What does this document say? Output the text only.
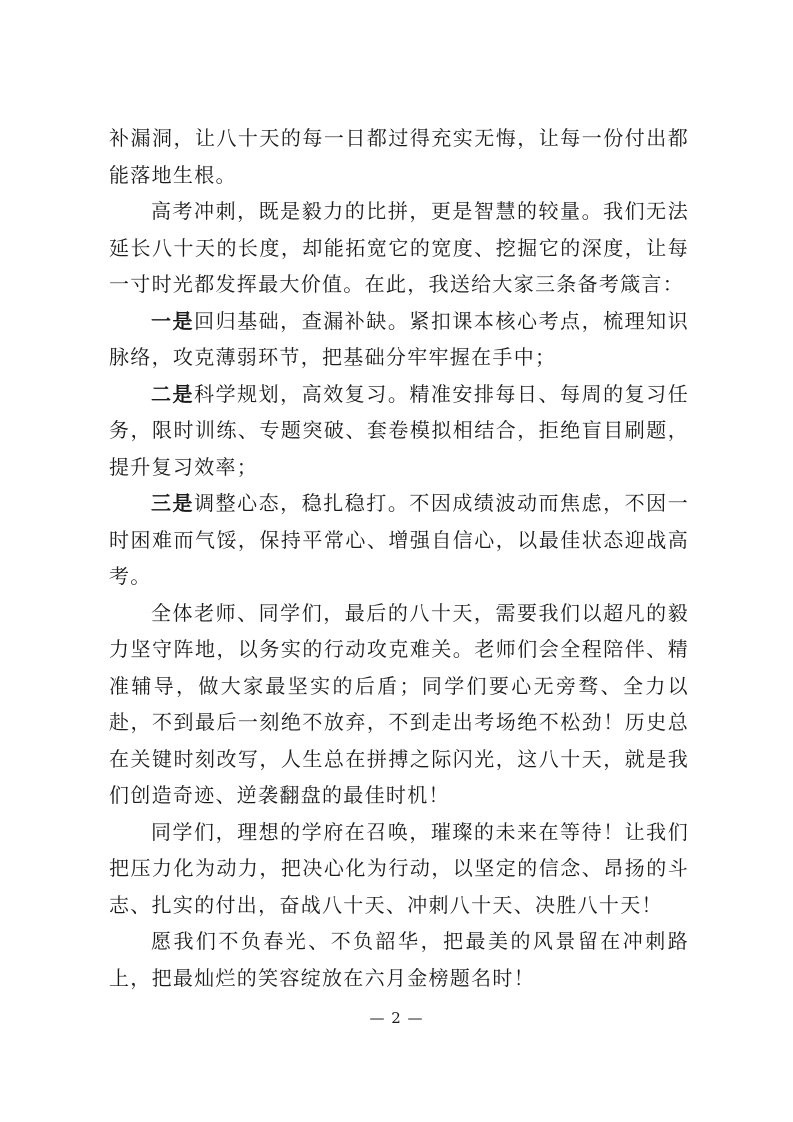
补漏洞，让八十天的每一日都过得充实无悔，让每一份付出都能落地生根。

高考冲刺，既是毅力的比拼，更是智慧的较量。我们无法延长八十天的长度，却能拓宽它的宽度、挖掘它的深度，让每一寸时光都发挥最大价值。在此，我送给大家三条备考箴言：

一是回归基础，查漏补缺。紧扣课本核心考点，梳理知识脉络，攻克薄弱环节，把基础分牢牢握在手中；

二是科学规划，高效复习。精准安排每日、每周的复习任务，限时训练、专题突破、套卷模拟相结合，拒绝盲目刷题，提升复习效率；

三是调整心态，稳扎稳打。不因成绩波动而焦虑，不因一时困难而气馁，保持平常心、增强自信心，以最佳状态迎战高考。

全体老师、同学们，最后的八十天，需要我们以超凡的毅力坚守阵地，以务实的行动攻克难关。老师们会全程陪伴、精准辅导，做大家最坚实的后盾；同学们要心无旁骛、全力以赴，不到最后一刻绝不放弃，不到走出考场绝不松劲！历史总在关键时刻改写，人生总在拼搏之际闪光，这八十天，就是我们创造奇迹、逆袭翻盘的最佳时机！

同学们，理想的学府在召唤，璀璨的未来在等待！让我们把压力化为动力，把决心化为行动，以坚定的信念、昂扬的斗志、扎实的付出，奋战八十天、冲刺八十天、决胜八十天！

愿我们不负春光、不负韶华，把最美的风景留在冲刺路上，把最灿烂的笑容绽放在六月金榜题名时！

— 2 —
